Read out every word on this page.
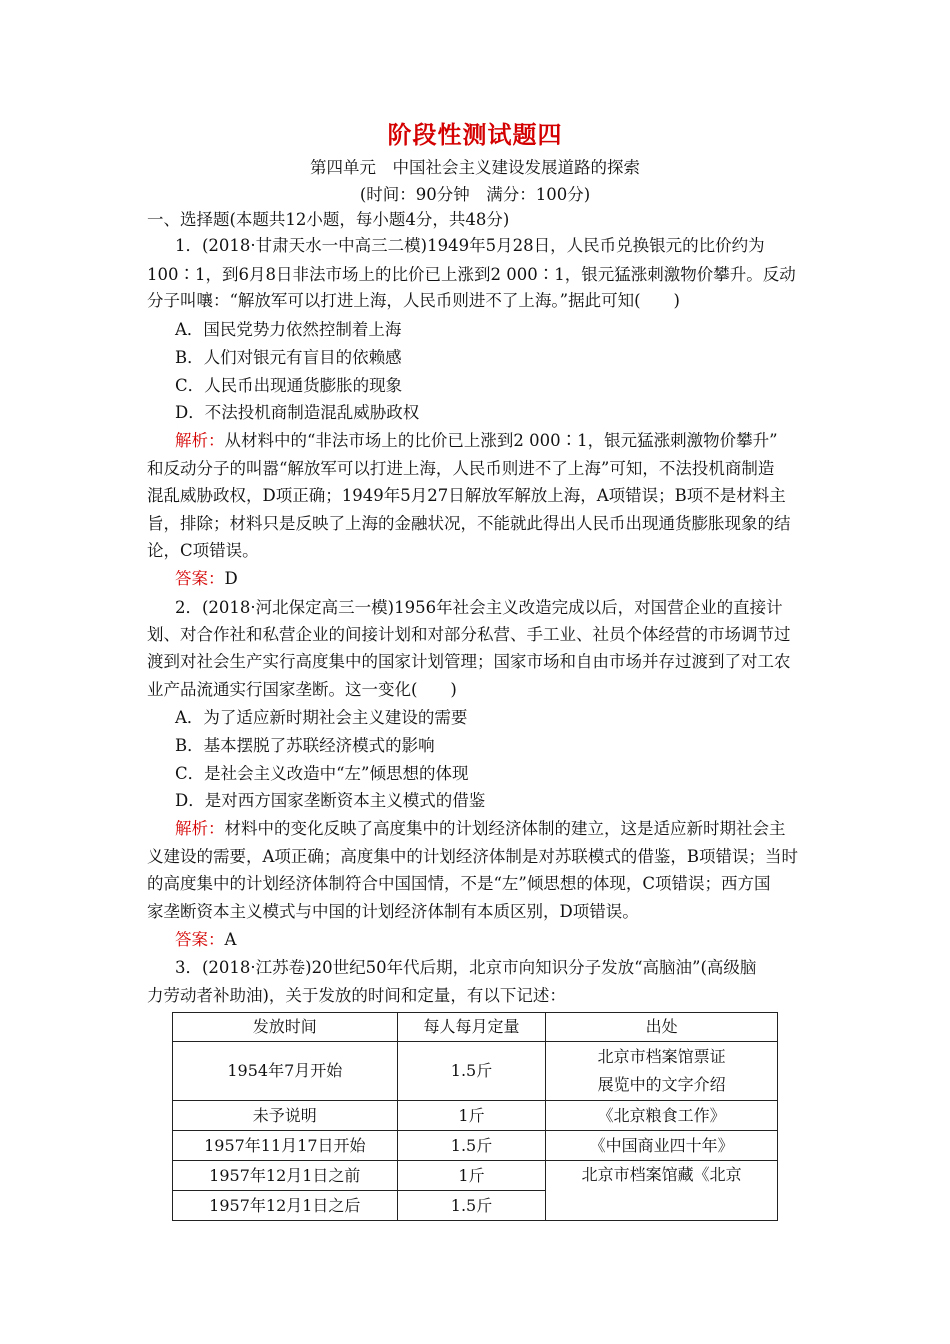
阶段性测试题四
第四单元　中国社会主义建设发展道路的探索
(时间：90分钟　满分：100分)
一、选择题(本题共12小题，每小题4分，共48分)
1．(2018·甘肃天水一中高三二模)1949年5月28日，人民币兑换银元的比价约为
100∶1，到6月8日非法市场上的比价已上涨到2 000∶1，银元猛涨刺激物价攀升。反动
分子叫嚷：“解放军可以打进上海，人民币则进不了上海。”据此可知(　　)
A．国民党势力依然控制着上海
B．人们对银元有盲目的依赖感
C．人民币出现通货膨胀的现象
D．不法投机商制造混乱威胁政权
解析：从材料中的“非法市场上的比价已上涨到2 000∶1，银元猛涨刺激物价攀升”
和反动分子的叫嚣“解放军可以打进上海，人民币则进不了上海”可知，不法投机商制造
混乱威胁政权，D项正确；1949年5月27日解放军解放上海，A项错误；B项不是材料主
旨，排除；材料只是反映了上海的金融状况，不能就此得出人民币出现通货膨胀现象的结
论，C项错误。
答案：D
2．(2018·河北保定高三一模)1956年社会主义改造完成以后，对国营企业的直接计
划、对合作社和私营企业的间接计划和对部分私营、手工业、社员个体经营的市场调节过
渡到对社会生产实行高度集中的国家计划管理；国家市场和自由市场并存过渡到了对工农
业产品流通实行国家垄断。这一变化(　　)
A．为了适应新时期社会主义建设的需要
B．基本摆脱了苏联经济模式的影响
C．是社会主义改造中“左”倾思想的体现
D．是对西方国家垄断资本主义模式的借鉴
解析：材料中的变化反映了高度集中的计划经济体制的建立，这是适应新时期社会主
义建设的需要，A项正确；高度集中的计划经济体制是对苏联模式的借鉴，B项错误；当时
的高度集中的计划经济体制符合中国国情，不是“左”倾思想的体现，C项错误；西方国
家垄断资本主义模式与中国的计划经济体制有本质区别，D项错误。
答案：A
3．(2018·江苏卷)20世纪50年代后期，北京市向知识分子发放“高脑油”(高级脑
力劳动者补助油)，关于发放的时间和定量，有以下记述：
发放时间	每人每月定量	出处
1954年7月开始	1.5斤	北京市档案馆票证
展览中的文字介绍

未予说明	1斤	《北京粮食工作》
1957年11月17日开始	1.5斤	《中国商业四十年》
1957年12月1日之前	1斤	北京市档案馆藏《北京
1957年12月1日之后	1.5斤	
